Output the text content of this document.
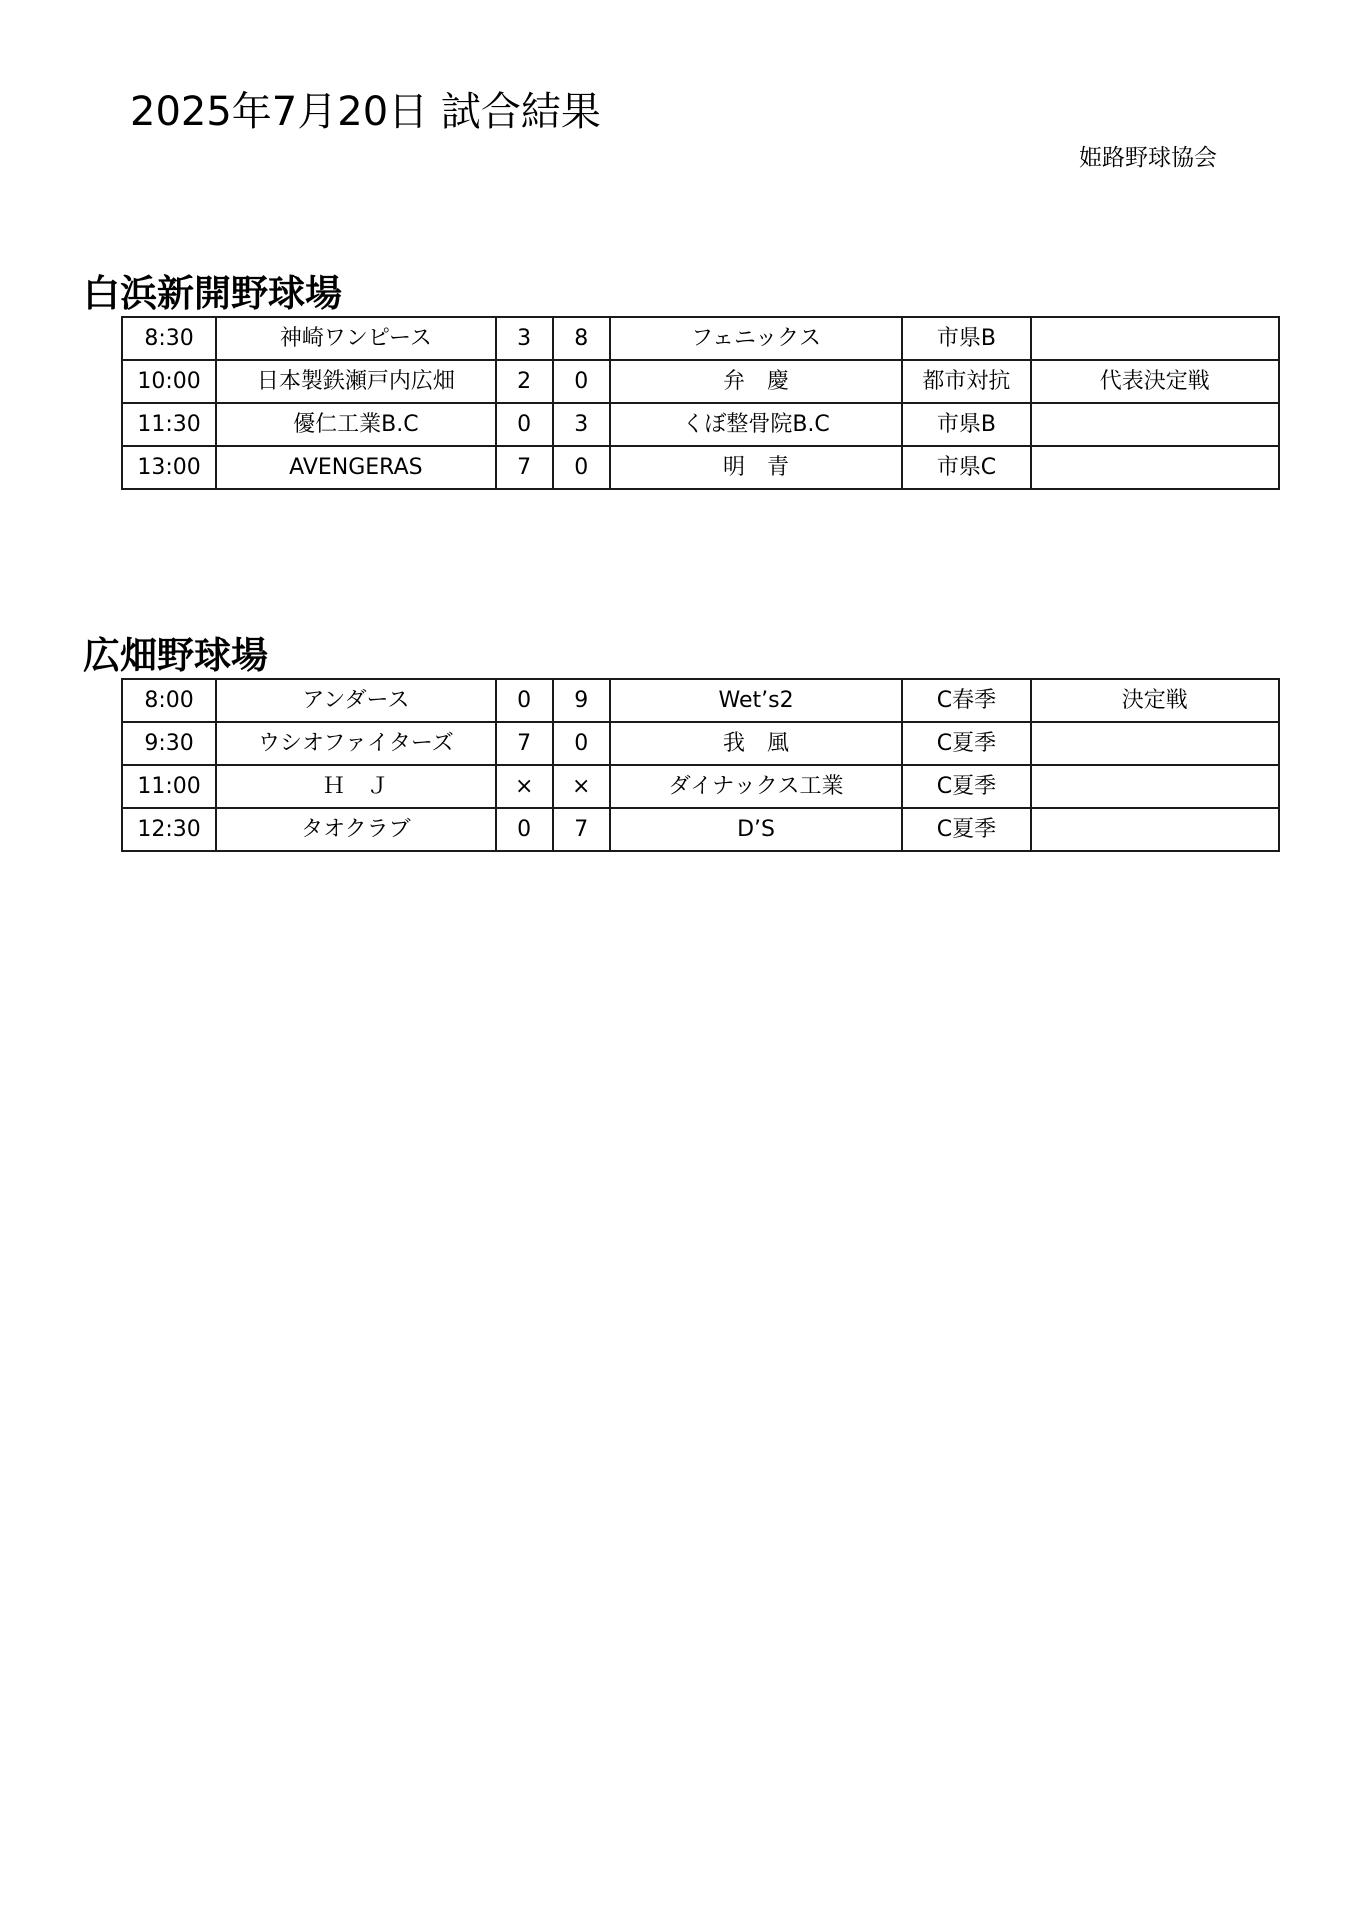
2025年7月20日 試合結果
姫路野球協会
白浜新開野球場
8:30	神崎ワンピース	3	8	フェニックス	市県B	
10:00	日本製鉄瀬戸内広畑	2	0	弁　慶	都市対抗	代表決定戦
11:30	優仁工業B.C	0	3	くぼ整骨院B.C	市県B	
13:00	AVENGERAS	7	0	明　青	市県C	
広畑野球場
8:00	アンダース	0	9	Wet’s2	C春季	決定戦
9:30	ウシオファイターズ	7	0	我　風	C夏季	
11:00	Ｈ　Ｊ	×	×	ダイナックス工業	C夏季	
12:30	タオクラブ	0	7	D’S	C夏季	
